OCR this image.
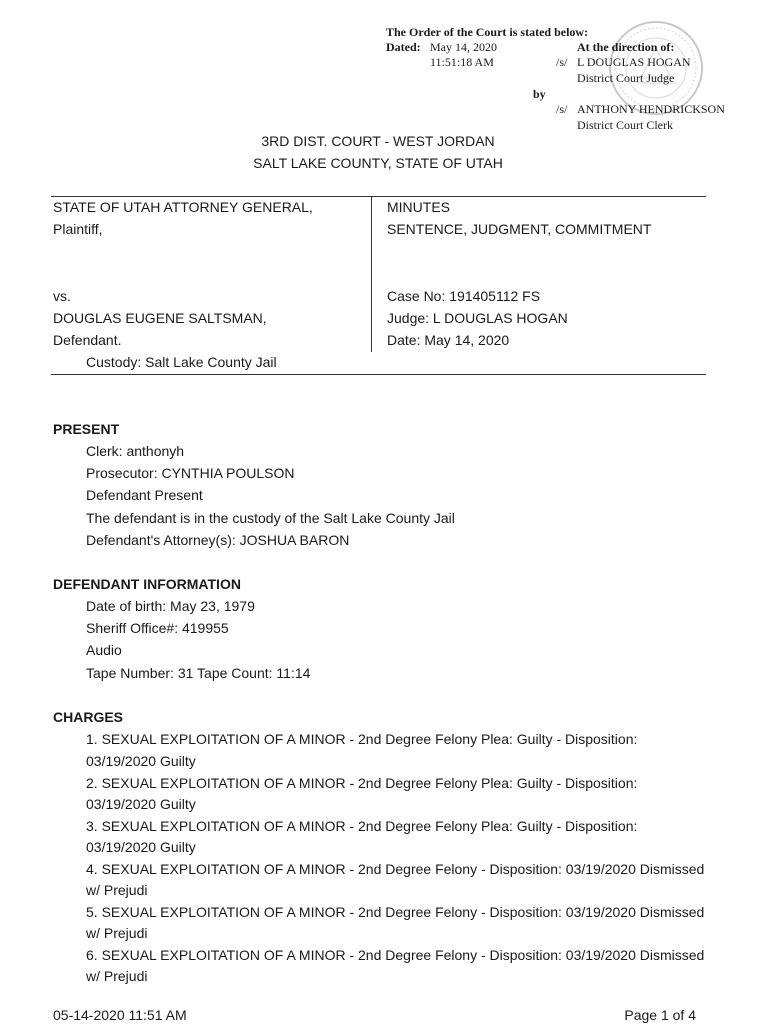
The Order of the Court is stated below:
Dated: May 14, 2020
11:51:18 AM
At the direction of:
/s/ L DOUGLAS HOGAN
District Court Judge
by
/s/ ANTHONY HENDRICKSON
District Court Clerk
3RD DIST. COURT - WEST JORDAN
SALT LAKE COUNTY, STATE OF UTAH
STATE OF UTAH ATTORNEY GENERAL,
Plaintiff,
vs.
DOUGLAS EUGENE SALTSMAN,
Defendant.
Custody: Salt Lake County Jail
MINUTES
SENTENCE, JUDGMENT, COMMITMENT
Case No: 191405112 FS
Judge: L DOUGLAS HOGAN
Date: May 14, 2020
PRESENT
Clerk: anthonyh
Prosecutor: CYNTHIA POULSON
Defendant Present
The defendant is in the custody of the Salt Lake County Jail
Defendant's Attorney(s): JOSHUA BARON
DEFENDANT INFORMATION
Date of birth: May 23, 1979
Sheriff Office#: 419955
Audio
Tape Number: 31 Tape Count: 11:14
CHARGES
1. SEXUAL EXPLOITATION OF A MINOR - 2nd Degree Felony Plea: Guilty - Disposition:
03/19/2020 Guilty
2. SEXUAL EXPLOITATION OF A MINOR - 2nd Degree Felony Plea: Guilty - Disposition:
03/19/2020 Guilty
3. SEXUAL EXPLOITATION OF A MINOR - 2nd Degree Felony Plea: Guilty - Disposition:
03/19/2020 Guilty
4. SEXUAL EXPLOITATION OF A MINOR - 2nd Degree Felony - Disposition: 03/19/2020 Dismissed
w/ Prejudi
5. SEXUAL EXPLOITATION OF A MINOR - 2nd Degree Felony - Disposition: 03/19/2020 Dismissed
w/ Prejudi
6. SEXUAL EXPLOITATION OF A MINOR - 2nd Degree Felony - Disposition: 03/19/2020 Dismissed
w/ Prejudi
05-14-2020 11:51 AM	Page 1 of 4
